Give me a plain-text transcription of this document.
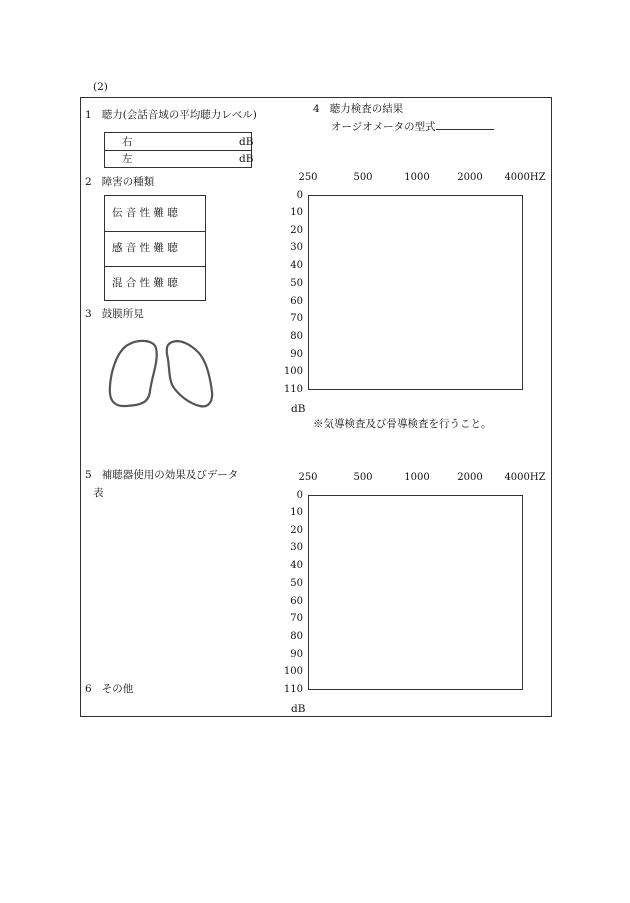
(2)
1 聴力(会話音域の平均聴力レベル)
右	dB
左	dB
2 障害の種類
伝 音 性 難 聴
感 音 性 難 聴
混 合 性 難 聴
3 鼓膜所見
4 聴力検査の結果
オージオメータの型式
250	500	1000	2000 4000HZ
0
10
20
30
40
50
60
70
80
90
100
110
dB
※気導検査及び骨導検査を行うこと。
5 補聴器使用の効果及びデータ
表
250	500	1000	2000 4000HZ
0
10
20
30
40
50
60
70
80
90
100
110
dB
6 その他
